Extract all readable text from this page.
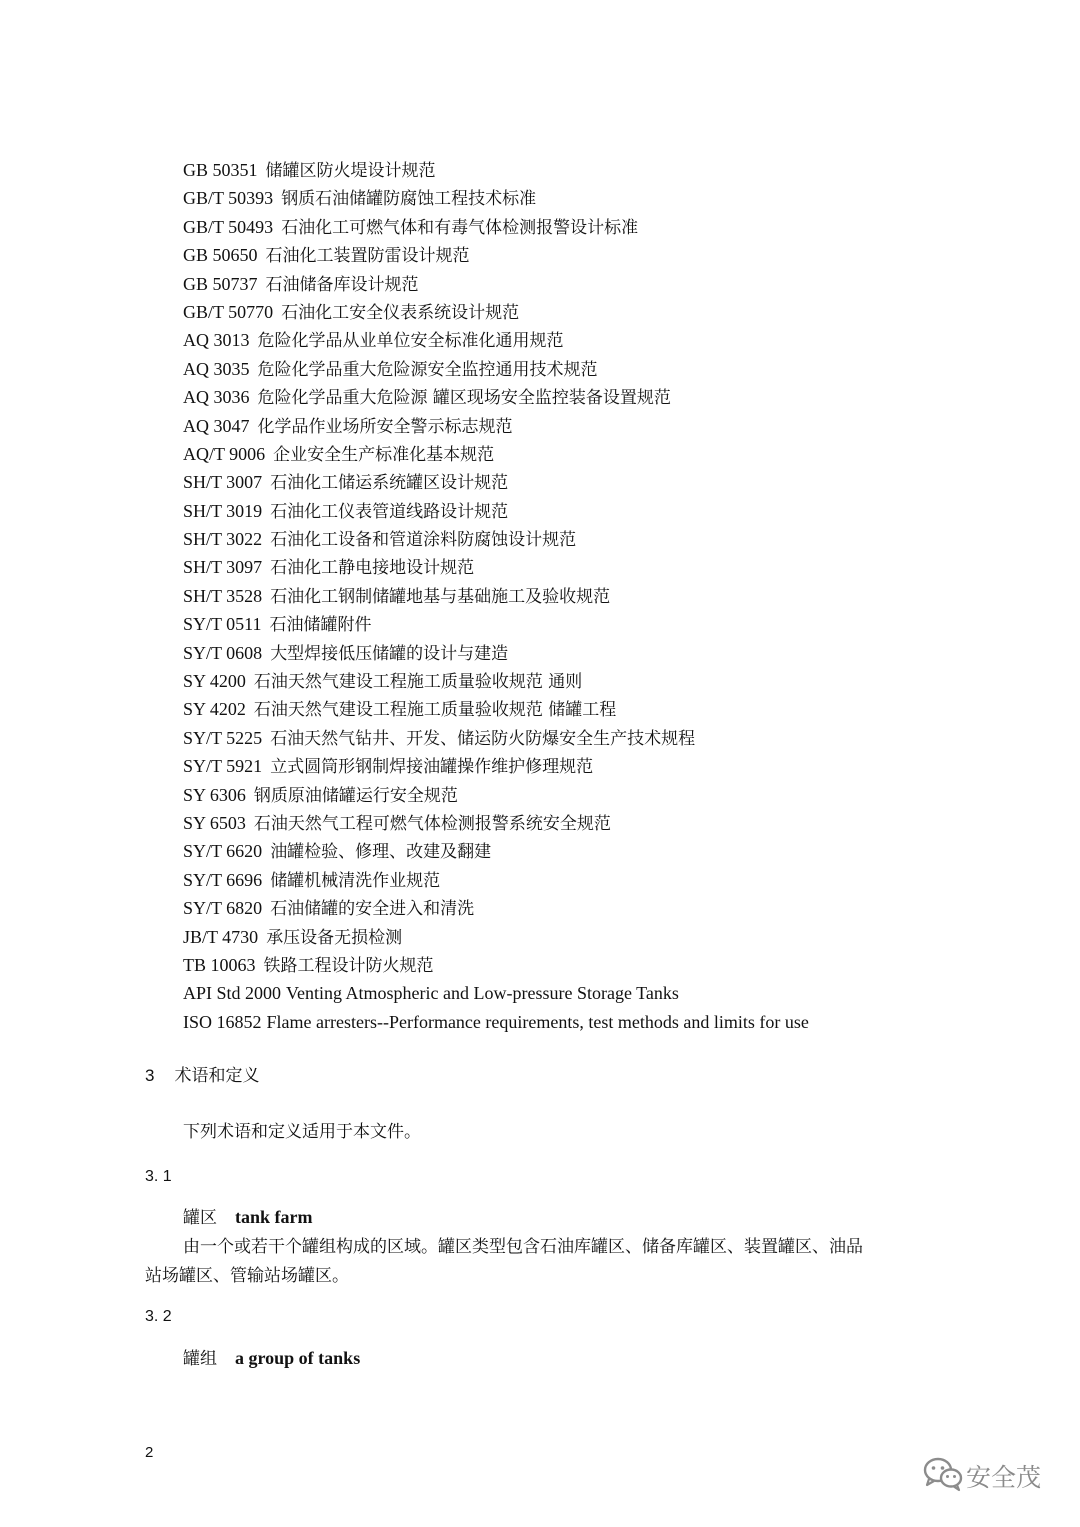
GB 50351 储罐区防火堤设计规范
GB/T 50393 钢质石油储罐防腐蚀工程技术标准
GB/T 50493 石油化工可燃气体和有毒气体检测报警设计标准
GB 50650 石油化工装置防雷设计规范
GB 50737 石油储备库设计规范
GB/T 50770 石油化工安全仪表系统设计规范
AQ 3013 危险化学品从业单位安全标准化通用规范
AQ 3035 危险化学品重大危险源安全监控通用技术规范
AQ 3036 危险化学品重大危险源 罐区现场安全监控装备设置规范
AQ 3047 化学品作业场所安全警示标志规范
AQ/T 9006 企业安全生产标准化基本规范
SH/T 3007 石油化工储运系统罐区设计规范
SH/T 3019 石油化工仪表管道线路设计规范
SH/T 3022 石油化工设备和管道涂料防腐蚀设计规范
SH/T 3097 石油化工静电接地设计规范
SH/T 3528 石油化工钢制储罐地基与基础施工及验收规范
SY/T 0511 石油储罐附件
SY/T 0608 大型焊接低压储罐的设计与建造
SY 4200 石油天然气建设工程施工质量验收规范 通则
SY 4202 石油天然气建设工程施工质量验收规范 储罐工程
SY/T 5225 石油天然气钻井、开发、储运防火防爆安全生产技术规程
SY/T 5921 立式圆筒形钢制焊接油罐操作维护修理规范
SY 6306 钢质原油储罐运行安全规范
SY 6503 石油天然气工程可燃气体检测报警系统安全规范
SY/T 6620 油罐检验、修理、改建及翻建
SY/T 6696 储罐机械清洗作业规范
SY/T 6820 石油储罐的安全进入和清洗
JB/T 4730 承压设备无损检测
TB 10063 铁路工程设计防火规范
API Std 2000 Venting Atmospheric and Low-pressure Storage Tanks
ISO 16852 Flame arresters--Performance requirements, test methods and limits for use
3 术语和定义
下列术语和定义适用于本文件。
3. 1
罐区 tank farm
由一个或若干个罐组构成的区域。罐区类型包含石油库罐区、储备库罐区、装置罐区、油品
站场罐区、管输站场罐区。
3. 2
罐组 a group of tanks
2
安全茂
